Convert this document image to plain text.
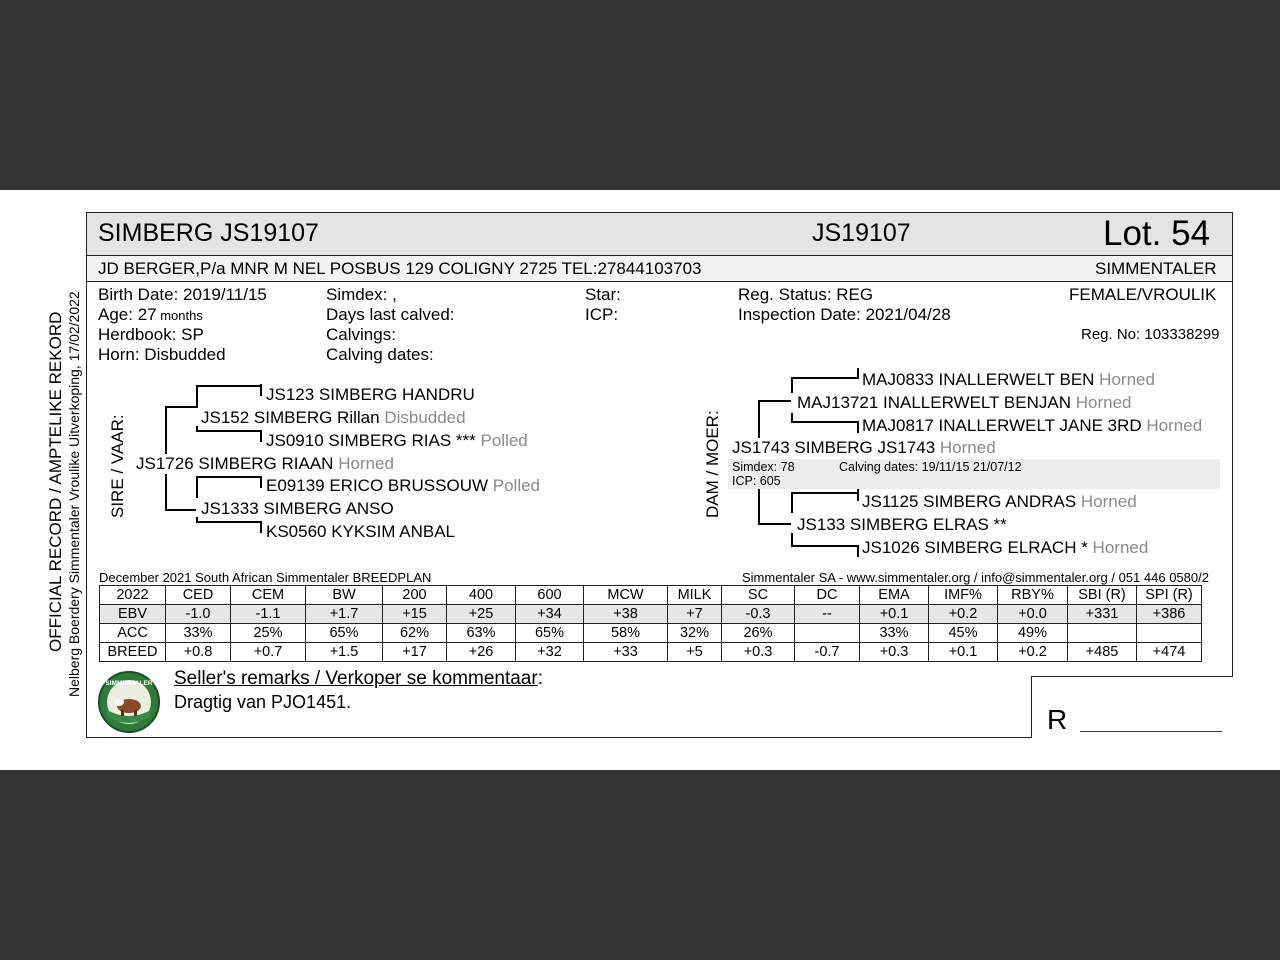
OFFICIAL RECORD / AMPTELIKE REKORD Nelberg Boerdery Simmentaler Vroulike Uitverkoping, 17/02/2022
SIMBERG JS19107	JS19107	Lot. 54
JD BERGER,P/a MNR M NEL POSBUS 129 COLIGNY 2725 TEL:27844103703	SIMMENTALER
Birth Date: 2019/11/15
Age: 27 months
Herdbook: SP
Horn: Disbudded
Simdex: ,
Days last calved:
Calvings:
Calving dates:
Star:
ICP:
Reg. Status: REG
Inspection Date: 2021/04/28
FEMALE/VROULIK
Reg. No: 103338299
SIRE / VAAR:
JS123 SIMBERG HANDRU
JS152 SIMBERG Rillan Disbudded
JS0910 SIMBERG RIAS *** Polled
JS1726 SIMBERG RIAAN Horned
E09139 ERICO BRUSSOUW Polled
JS1333 SIMBERG ANSO
KS0560 KYKSIM ANBAL
DAM / MOER: Simdex: 78	Calving dates: 19/11/15 21/07/12
ICP: 605
MAJ0833 INALLERWELT BEN Horned
MAJ13721 INALLERWELT BENJAN Horned
MAJ0817 INALLERWELT JANE 3RD Horned
JS1743 SIMBERG JS1743 Horned
JS1125 SIMBERG ANDRAS Horned
JS133 SIMBERG ELRAS **
JS1026 SIMBERG ELRACH * Horned
December 2021 South African Simmentaler BREEDPLAN	Simmentaler SA - www.simmentaler.org / info@simmentaler.org / 051 446 0580/2
2022	CED	CEM	BW	200	400	600	MCW	MILK	SC	DC	EMA	IMF%	RBY%	SBI (R)	SPI (R)
EBV	-1.0	-1.1	+1.7	+15	+25	+34	+38	+7	-0.3	--	+0.1	+0.2	+0.0	+331	+386
ACC	33%	25%	65%	62%	63%	65%	58%	32%	26%		33%	45%	49%		
BREED	+0.8	+0.7	+1.5	+17	+26	+32	+33	+5	+0.3	-0.7	+0.3	+0.1	+0.2	+485	+474
SIMMENTALER Seller's remarks / Verkoper se kommentaar:
Dragtig van PJO1451.
R
